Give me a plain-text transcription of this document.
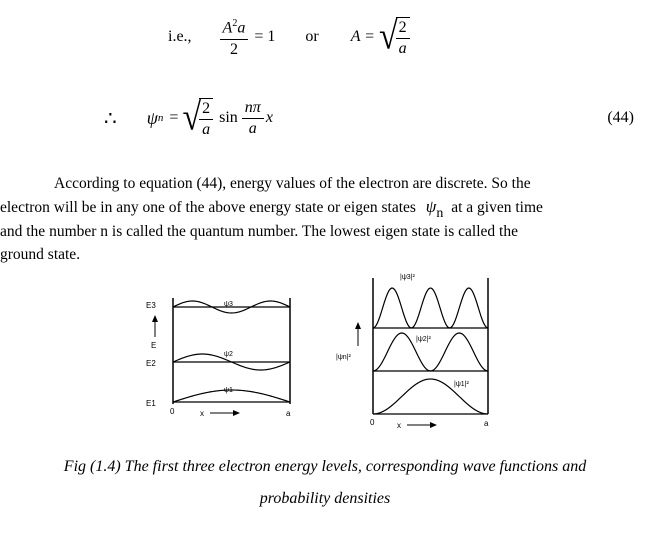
i.e., $\frac{A^2a}{2} = 1$ or A = √
$\frac{2}{a}$
∴ ψ n = √
$\frac{2}{a}$ $\sin \frac{n\pi}{a}$ x	(44)
According to equation (44), energy values of the electron are discrete. So the
electron will be in any one of the above energy state or eigen states ψn at a given time
and the number n is called the quantum number. The lowest eigen state is called the
ground state.
E3
E2
E1
E
ψ3
ψ2
ψ1
0	x	a
|ψ3|²
|ψ2|²
|ψ1|²
|ψn|²
0	x	a
Fig (1.4) The first three electron energy levels, corresponding wave functions and
probability densities
